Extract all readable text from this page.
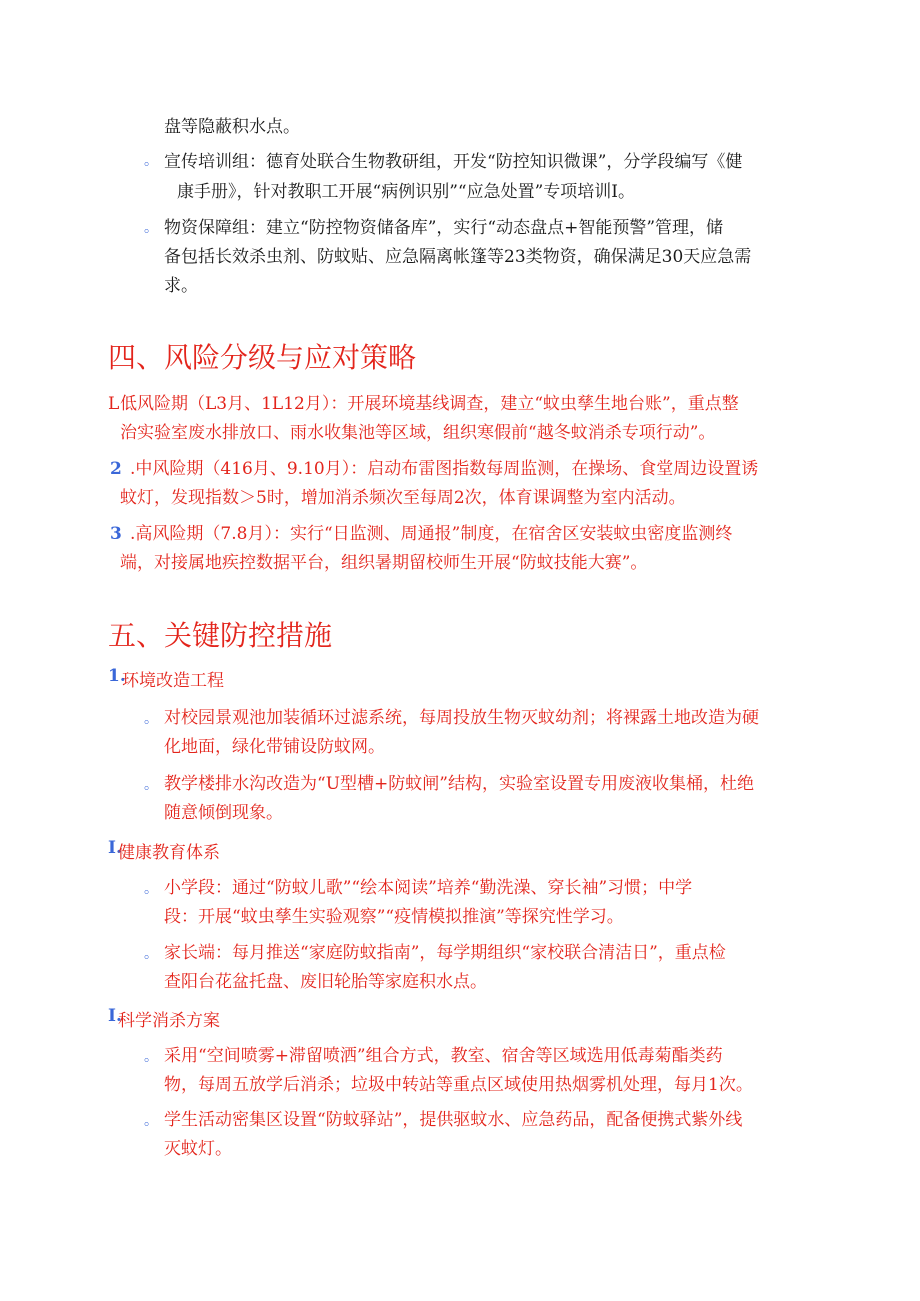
盘等隐蔽积水点。
。 宣传培训组：德育处联合生物教研组，开发“防控知识微课”，分学段编写《健
康手册》，针对教职工开展“病例识别”“应急处置”专项培训I。
。 物资保障组：建立“防控物资储备库”，实行“动态盘点+智能预警”管理，储
备包括长效杀虫剂、防蚊贴、应急隔离帐篷等23类物资，确保满足30天应急需
求。
四、风险分级与应对策略
L 低风险期（L3月、1L12月）：开展环境基线调查，建立“蚊虫孳生地台账”，重点整
治实验室废水排放口、雨水收集池等区域，组织寒假前“越冬蚊消杀专项行动”。
2 .中风险期（416月、9.10月）：启动布雷图指数每周监测，在操场、食堂周边设置诱
蚊灯，发现指数＞5时，增加消杀频次至每周2次，体育课调整为室内活动。
3 .高风险期（7.8月）：实行“日监测、周通报”制度，在宿舍区安装蚊虫密度监测终
端，对接属地疾控数据平台，组织暑期留校师生开展“防蚊技能大赛”。
五、关键防控措施
1.
环境改造工程
。 对校园景观池加装循环过滤系统，每周投放生物灭蚊幼剂；将裸露土地改造为硬
化地面，绿化带铺设防蚊网。
。 教学楼排水沟改造为“U型槽+防蚊闸”结构，实验室设置专用废液收集桶，杜绝
随意倾倒现象。
I.
健康教育体系
。 小学段：通过“防蚊儿歌”“绘本阅读”培养“勤洗澡、穿长袖”习惯；中学
段：开展“蚊虫孳生实验观察”“疫情模拟推演”等探究性学习。
。 家长端：每月推送“家庭防蚊指南”，每学期组织“家校联合清洁日”，重点检
查阳台花盆托盘、废旧轮胎等家庭积水点。
I.
科学消杀方案
。 采用“空间喷雾+滞留喷洒”组合方式，教室、宿舍等区域选用低毒菊酯类药
物，每周五放学后消杀；垃圾中转站等重点区域使用热烟雾机处理，每月1次。
。 学生活动密集区设置“防蚊驿站”，提供驱蚊水、应急药品，配备便携式紫外线
灭蚊灯。
